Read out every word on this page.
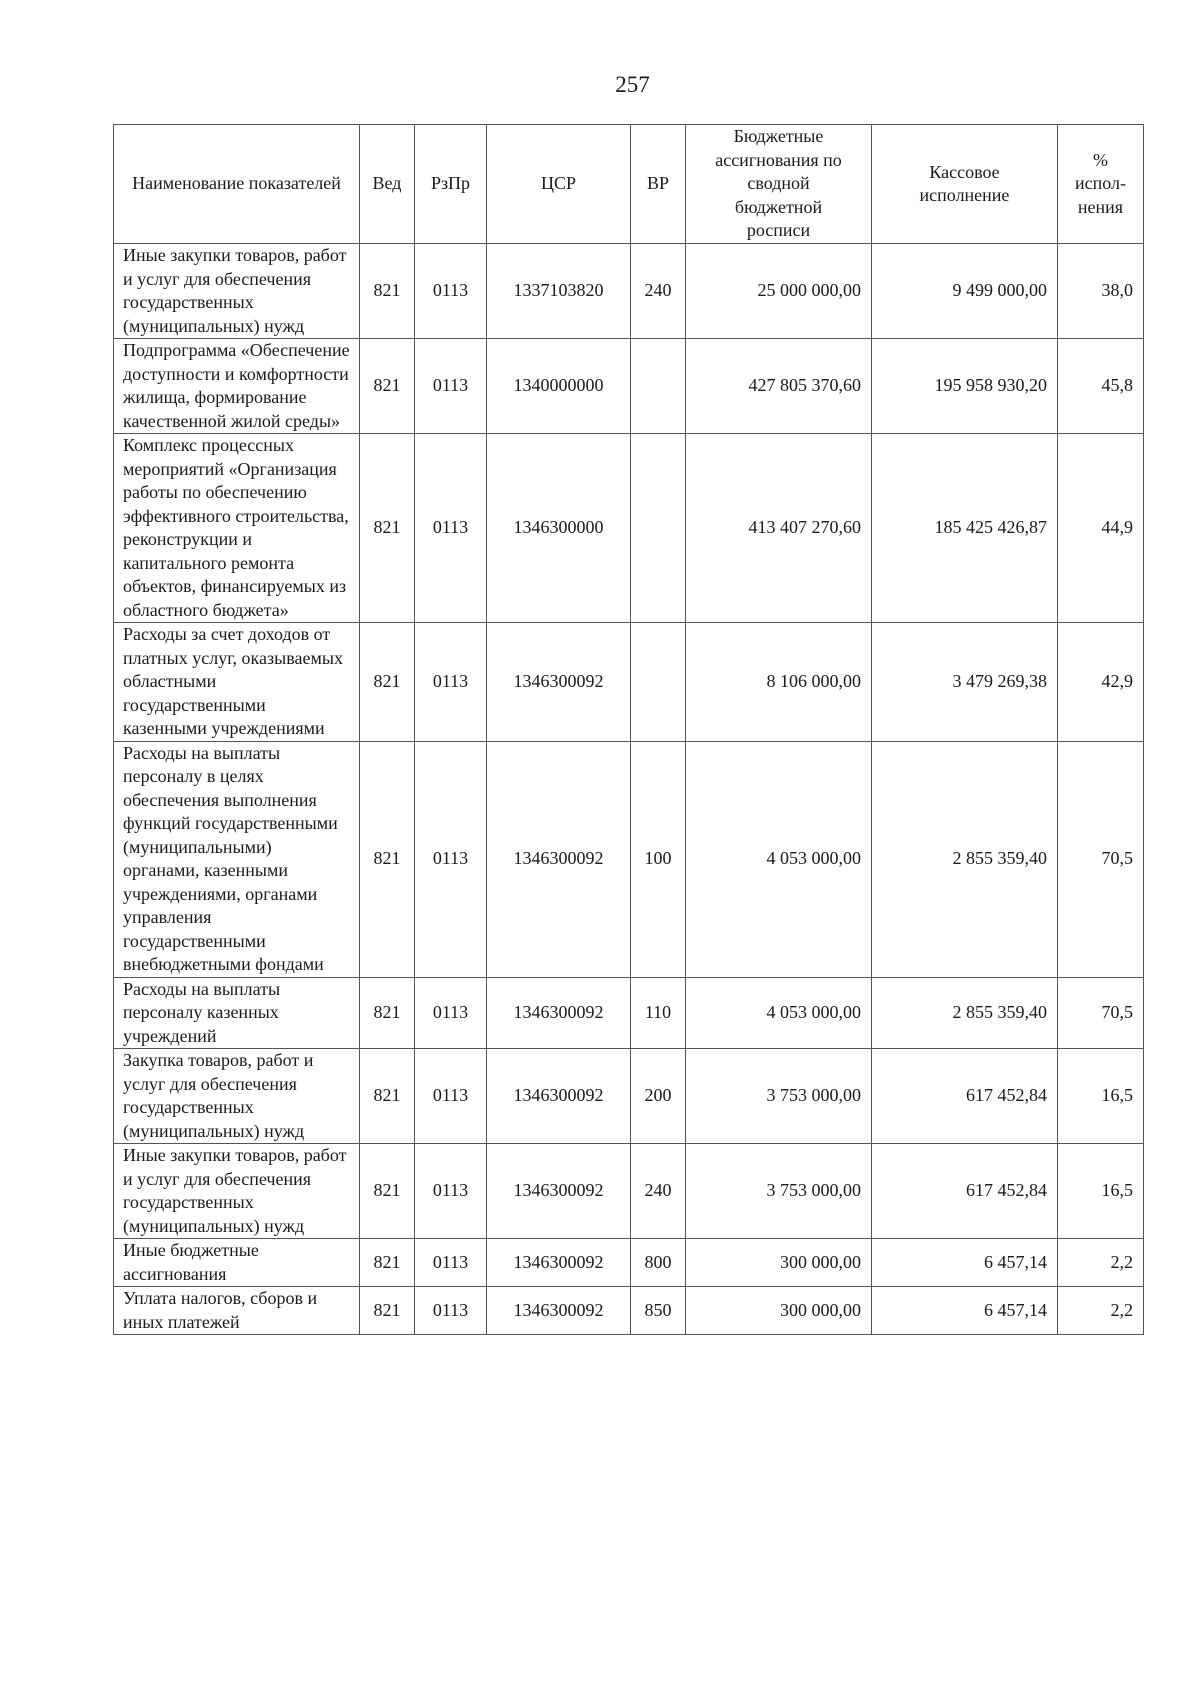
257
Наименование показателей	Вед	РзПр	ЦСР	ВР	Бюджетные ассигнования по сводной бюджетной росписи	Кассовое исполнение	% испол-нения
Иные закупки товаров, работ и услуг для обеспечения государственных (муниципальных) нужд	821	0113	1337103820	240	25 000 000,00	9 499 000,00	38,0
Подпрограмма «Обеспечение доступности и комфортности жилища, формирование качественной жилой среды»	821	0113	1340000000		427 805 370,60	195 958 930,20	45,8
Комплекс процессных мероприятий «Организация работы по обеспечению эффективного строительства, реконструкции и капитального ремонта объектов, финансируемых из областного бюджета»	821	0113	1346300000		413 407 270,60	185 425 426,87	44,9
Расходы за счет доходов от платных услуг, оказываемых областными государственными казенными учреждениями	821	0113	1346300092		8 106 000,00	3 479 269,38	42,9
Расходы на выплаты персоналу в целях обеспечения выполнения функций государственными (муниципальными) органами, казенными учреждениями, органами управления государственными внебюджетными фондами	821	0113	1346300092	100	4 053 000,00	2 855 359,40	70,5
Расходы на выплаты персоналу казенных учреждений	821	0113	1346300092	110	4 053 000,00	2 855 359,40	70,5
Закупка товаров, работ и услуг для обеспечения государственных (муниципальных) нужд	821	0113	1346300092	200	3 753 000,00	617 452,84	16,5
Иные закупки товаров, работ и услуг для обеспечения государственных (муниципальных) нужд	821	0113	1346300092	240	3 753 000,00	617 452,84	16,5
Иные бюджетные ассигнования	821	0113	1346300092	800	300 000,00	6 457,14	2,2
Уплата налогов, сборов и иных платежей	821	0113	1346300092	850	300 000,00	6 457,14	2,2
